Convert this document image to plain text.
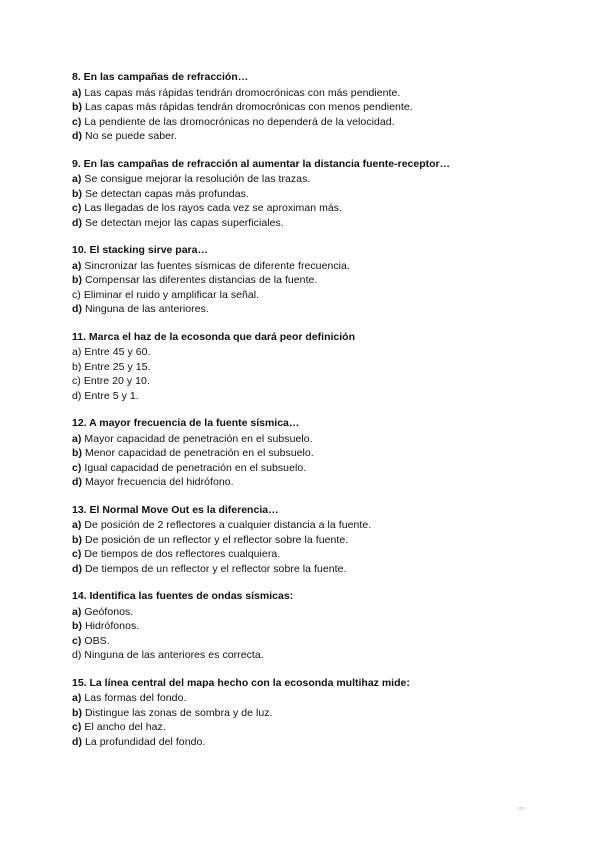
8. En las campañas de refracción…
a) Las capas más rápidas tendrán dromocrónicas con más pendiente.
b) Las capas más rápidas tendrán dromocrónicas con menos pendiente.
c) La pendiente de las dromocrónicas no dependerá de la velocidad.
d) No se puede saber.
9. En las campañas de refracción al aumentar la distancia fuente-receptor…
a) Se consigue mejorar la resolución de las trazas.
b) Se detectan capas más profundas.
c) Las llegadas de los rayos cada vez se aproximan más.
d) Se detectan mejor las capas superficiales.
10. El stacking sirve para…
a) Sincronizar las fuentes sísmicas de diferente frecuencia.
b) Compensar las diferentes distancias de la fuente.
c) Eliminar el ruido y amplificar la señal.
d) Ninguna de las anteriores.
11. Marca el haz de la ecosonda que dará peor definición
a) Entre 45 y 60.
b) Entre 25 y 15.
c) Entre 20 y 10.
d) Entre 5 y 1.
12. A mayor frecuencia de la fuente sísmica…
a) Mayor capacidad de penetración en el subsuelo.
b) Menor capacidad de penetración en el subsuelo.
c) Igual capacidad de penetración en el subsuelo.
d) Mayor frecuencia del hidrófono.
13. El Normal Move Out es la diferencia…
a) De posición de 2 reflectores a cualquier distancia a la fuente.
b) De posición de un reflector y el reflector sobre la fuente.
c) De tiempos de dos reflectores cualquiera.
d) De tiempos de un reflector y el reflector sobre la fuente.
14. Identifica las fuentes de ondas sísmicas:
a) Geófonos.
b) Hidrófonos.
c) OBS.
d) Ninguna de las anteriores es correcta.
15. La línea central del mapa hecho con la ecosonda multihaz mide:
a) Las formas del fondo.
b) Distingue las zonas de sombra y de luz.
c) El ancho del haz.
d) La profundidad del fondo.
cnn
